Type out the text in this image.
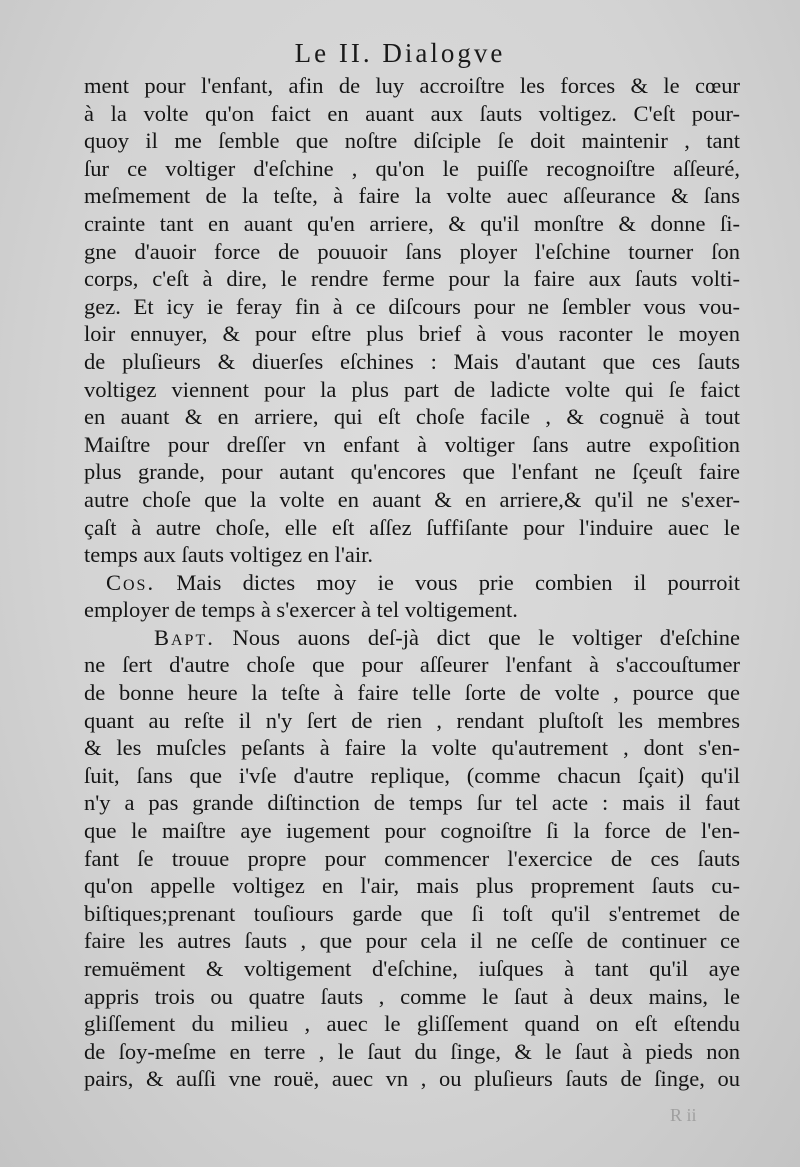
Le II. Dialogve
ment pour l'enfant, afin de luy accroiſtre les forces & le cœur
à la volte qu'on faict en auant aux ſauts voltigez. C'eſt pour-
quoy il me ſemble que noſtre diſciple ſe doit maintenir , tant
ſur ce voltiger d'eſchine , qu'on le puiſſe recognoiſtre aſſeuré,
meſmement de la teſte, à faire la volte auec aſſeurance & ſans
crainte tant en auant qu'en arriere, & qu'il monſtre & donne ſi-
gne d'auoir force de pouuoir ſans ployer l'eſchine tourner ſon
corps, c'eſt à dire, le rendre ferme pour la faire aux ſauts volti-
gez. Et icy ie feray fin à ce diſcours pour ne ſembler vous vou-
loir ennuyer, & pour eſtre plus brief à vous raconter le moyen
de pluſieurs & diuerſes eſchines : Mais d'autant que ces ſauts
voltigez viennent pour la plus part de ladicte volte qui ſe faict
en auant & en arriere, qui eſt choſe facile , & cognuë à tout
Maiſtre pour dreſſer vn enfant à voltiger ſans autre expoſition
plus grande, pour autant qu'encores que l'enfant ne ſçeuſt faire
autre choſe que la volte en auant & en arriere,& qu'il ne s'exer-
çaſt à autre choſe, elle eſt aſſez ſuffiſante pour l'induire auec le
temps aux ſauts voltigez en l'air.
Cos. Mais dictes moy ie vous prie combien il pourroit
employer de temps à s'exercer à tel voltigement.
Bapt. Nous auons deſ-jà dict que le voltiger d'eſchine
ne ſert d'autre choſe que pour aſſeurer l'enfant à s'accouſtumer
de bonne heure la teſte à faire telle ſorte de volte , pource que
quant au reſte il n'y ſert de rien , rendant pluſtoſt les membres
& les muſcles peſants à faire la volte qu'autrement , dont s'en-
ſuit, ſans que i'vſe d'autre replique, (comme chacun ſçait) qu'il
n'y a pas grande diſtinction de temps ſur tel acte : mais il faut
que le maiſtre aye iugement pour cognoiſtre ſi la force de l'en-
fant ſe trouue propre pour commencer l'exercice de ces ſauts
qu'on appelle voltigez en l'air, mais plus proprement ſauts cu-
biſtiques;prenant touſiours garde que ſi toſt qu'il s'entremet de
faire les autres ſauts , que pour cela il ne ceſſe de continuer ce
remuëment & voltigement d'eſchine, iuſques à tant qu'il aye
appris trois ou quatre ſauts , comme le ſaut à deux mains, le
gliſſement du milieu , auec le gliſſement quand on eſt eſtendu
de ſoy-meſme en terre , le ſaut du ſinge, & le ſaut à pieds non
pairs, & auſſi vne rouë, auec vn , ou pluſieurs ſauts de ſinge, ou
R ii
